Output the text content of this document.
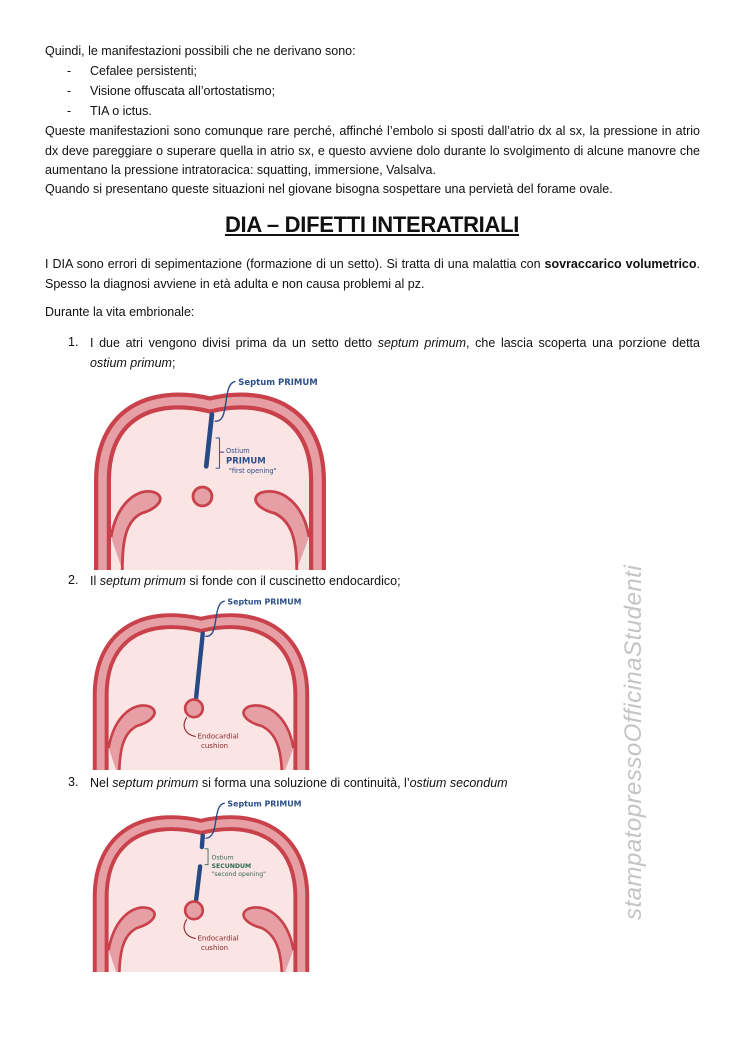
Quindi, le manifestazioni possibili che ne derivano sono:
- Cefalee persistenti;
- Visione offuscata all’ortostatismo;
- TIA o ictus.
Queste manifestazioni sono comunque rare perché, affinché l’embolo si sposti dall’atrio dx al sx, la pressione in atrio dx deve pareggiare o superare quella in atrio sx, e questo avviene dolo durante lo svolgimento di alcune manovre che aumentano la pressione intratoracica: squatting, immersione, Valsalva.
Quando si presentano queste situazioni nel giovane bisogna sospettare una pervietà del forame ovale.
DIA – DIFETTI INTERATRIALI
I DIA sono errori di sepimentazione (formazione di un setto). Si tratta di una malattia con sovraccarico volumetrico. Spesso la diagnosi avviene in età adulta e non causa problemi al pz.
Durante la vita embrionale:
1. I due atri vengono divisi prima da un setto detto septum primum, che lascia scoperta una porzione detta ostium primum;
Septum PRIMUM
Ostium
PRIMUM
"first opening"
2. Il septum primum si fonde con il cuscinetto endocardico;
Septum PRIMUM
Endocardial
cushion
3. Nel septum primum si forma una soluzione di continuità, l’ostium secondum
Septum PRIMUM
Ostium
SECUNDUM
"second opening"
Endocardial
cushion
stampatopressoOfficinaStudenti
